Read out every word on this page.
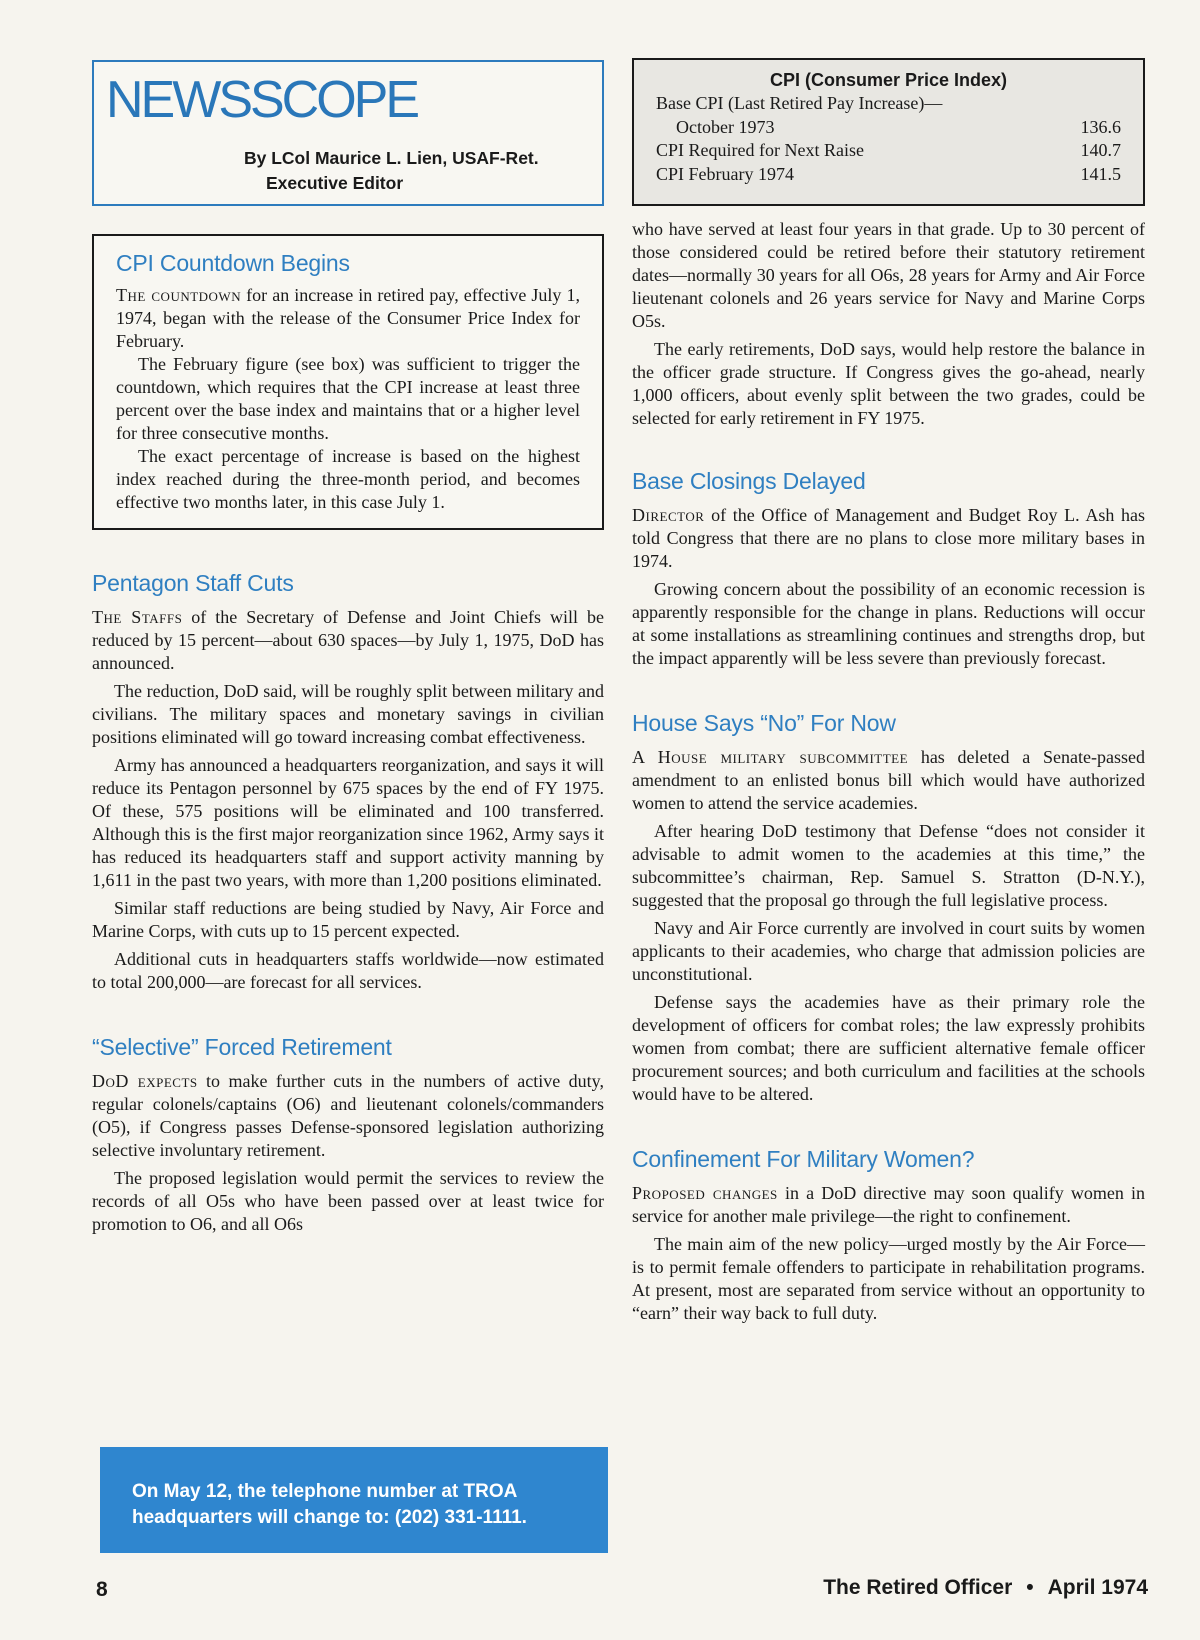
NEWSSCOPE
By LCol Maurice L. Lien, USAF-Ret.
Executive Editor
CPI Countdown Begins

The countdown for an increase in retired pay, effective July 1, 1974, began with the release of the Consumer Price Index for February.

The February figure (see box) was sufficient to trigger the countdown, which requires that the CPI increase at least three percent over the base index and maintains that or a higher level for three consecutive months.

The exact percentage of increase is based on the highest index reached during the three-month period, and becomes effective two months later, in this case July 1.

Pentagon Staff Cuts

The Staffs of the Secretary of Defense and Joint Chiefs will be reduced by 15 percent—about 630 spaces—by July 1, 1975, DoD has announced.

The reduction, DoD said, will be roughly split between military and civilians. The military spaces and monetary savings in civilian positions eliminated will go toward increasing combat effectiveness.

Army has announced a headquarters reorganization, and says it will reduce its Pentagon personnel by 675 spaces by the end of FY 1975. Of these, 575 positions will be eliminated and 100 transferred. Although this is the first major reorganization since 1962, Army says it has reduced its headquarters staff and support activity manning by 1,611 in the past two years, with more than 1,200 positions eliminated.

Similar staff reductions are being studied by Navy, Air Force and Marine Corps, with cuts up to 15 percent expected.

Additional cuts in headquarters staffs worldwide—now estimated to total 200,000—are forecast for all services.

“Selective” Forced Retirement

DoD expects to make further cuts in the numbers of active duty, regular colonels/captains (O6) and lieutenant colonels/commanders (O5), if Congress passes Defense-sponsored legislation authorizing selective involuntary retirement.

The proposed legislation would permit the services to review the records of all O5s who have been passed over at least twice for promotion to O6, and all O6s

On May 12, the telephone number at TROA
headquarters will change to: (202) 331-1111.
CPI (Consumer Price Index)
Base CPI (Last Retired Pay Increase)—
October 1973	136.6
CPI Required for Next Raise	140.7
CPI February 1974	141.5

who have served at least four years in that grade. Up to 30 percent of those considered could be retired before their statutory retirement dates—normally 30 years for all O6s, 28 years for Army and Air Force lieutenant colonels and 26 years service for Navy and Marine Corps O5s.

The early retirements, DoD says, would help restore the balance in the officer grade structure. If Congress gives the go-ahead, nearly 1,000 officers, about evenly split between the two grades, could be selected for early retirement in FY 1975.

Base Closings Delayed

Director of the Office of Management and Budget Roy L. Ash has told Congress that there are no plans to close more military bases in 1974.

Growing concern about the possibility of an economic recession is apparently responsible for the change in plans. Reductions will occur at some installations as streamlining continues and strengths drop, but the impact apparently will be less severe than previously forecast.

House Says “No” For Now

A House military subcommittee has deleted a Senate-passed amendment to an enlisted bonus bill which would have authorized women to attend the service academies.

After hearing DoD testimony that Defense “does not consider it advisable to admit women to the academies at this time,” the subcommittee’s chairman, Rep. Samuel S. Stratton (D-N.Y.), suggested that the proposal go through the full legislative process.

Navy and Air Force currently are involved in court suits by women applicants to their academies, who charge that admission policies are unconstitutional.

Defense says the academies have as their primary role the development of officers for combat roles; the law expressly prohibits women from combat; there are sufficient alternative female officer procurement sources; and both curriculum and facilities at the schools would have to be altered.

Confinement For Military Women?

Proposed changes in a DoD directive may soon qualify women in service for another male privilege—the right to confinement.

The main aim of the new policy—urged mostly by the Air Force—is to permit female offenders to participate in rehabilitation programs. At present, most are separated from service without an opportunity to “earn” their way back to full duty.

8	The Retired Officer • April 1974
